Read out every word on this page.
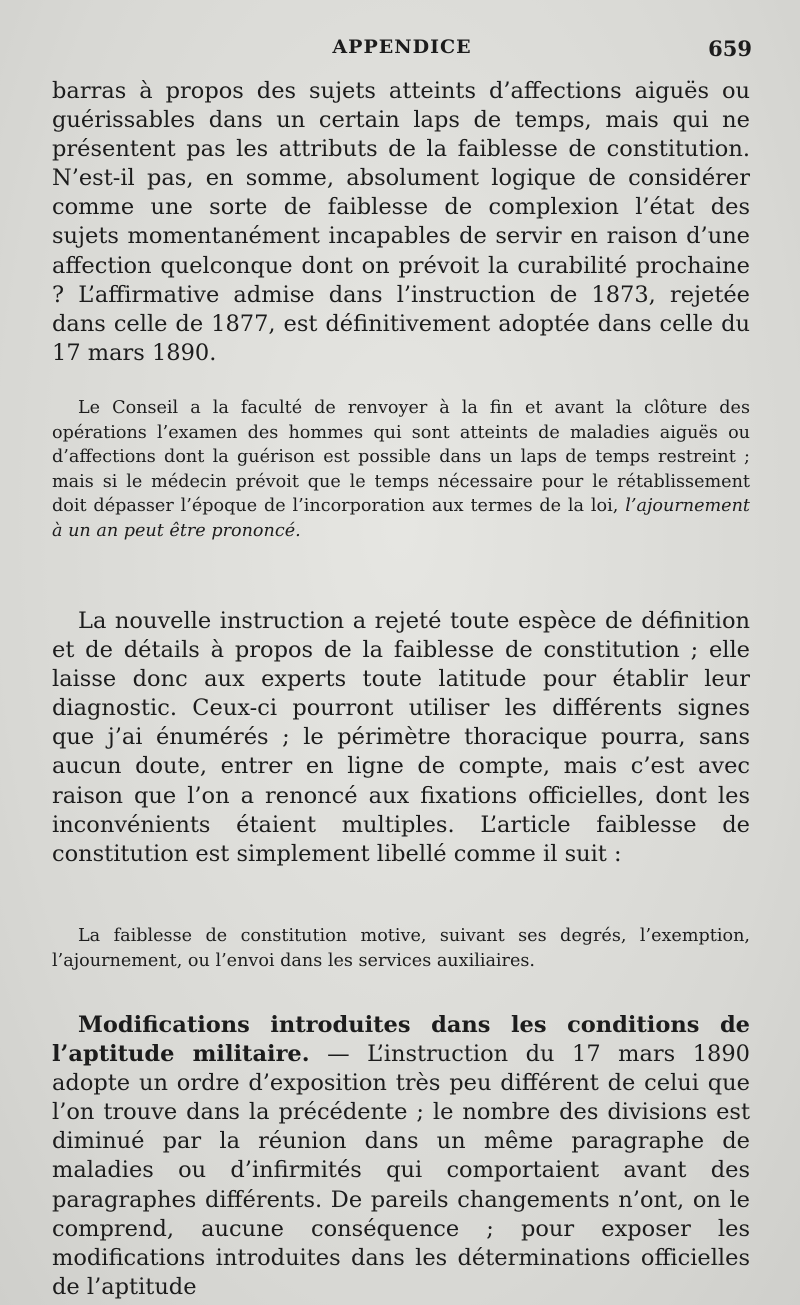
APPENDICE	659

barras à propos des sujets atteints d’affections aiguës ou guérissables dans un certain laps de temps, mais qui ne présentent pas les attributs de la faiblesse de constitution. N’est-il pas, en somme, absolument logique de considérer comme une sorte de faiblesse de complexion l’état des sujets momentanément incapables de servir en raison d’une affection quelconque dont on prévoit la curabilité prochaine ? L’affirmative admise dans l’instruction de 1873, rejetée dans celle de 1877, est définitivement adoptée dans celle du 17 mars 1890.

Le Conseil a la faculté de renvoyer à la fin et avant la clôture des opérations l’examen des hommes qui sont atteints de maladies aiguës ou d’affections dont la guérison est possible dans un laps de temps restreint ; mais si le médecin prévoit que le temps nécessaire pour le rétablissement doit dépasser l’époque de l’incorporation aux termes de la loi, l’ajournement à un an peut être prononcé.

La nouvelle instruction a rejeté toute espèce de définition et de détails à propos de la faiblesse de constitution ; elle laisse donc aux experts toute latitude pour établir leur diagnostic. Ceux-ci pourront utiliser les différents signes que j’ai énumérés ; le périmètre thoracique pourra, sans aucun doute, entrer en ligne de compte, mais c’est avec raison que l’on a renoncé aux fixations officielles, dont les inconvénients étaient multiples. L’article faiblesse de constitution est simplement libellé comme il suit :

La faiblesse de constitution motive, suivant ses degrés, l’exemption, l’ajournement, ou l’envoi dans les services auxiliaires.

Modifications introduites dans les conditions de l’aptitude militaire. — L’instruction du 17 mars 1890 adopte un ordre d’exposition très peu différent de celui que l’on trouve dans la précédente ; le nombre des divisions est diminué par la réunion dans un même paragraphe de maladies ou d’infirmités qui comportaient avant des paragraphes différents. De pareils changements n’ont, on le comprend, aucune conséquence ; pour exposer les modifications introduites dans les déterminations officielles de l’aptitude
